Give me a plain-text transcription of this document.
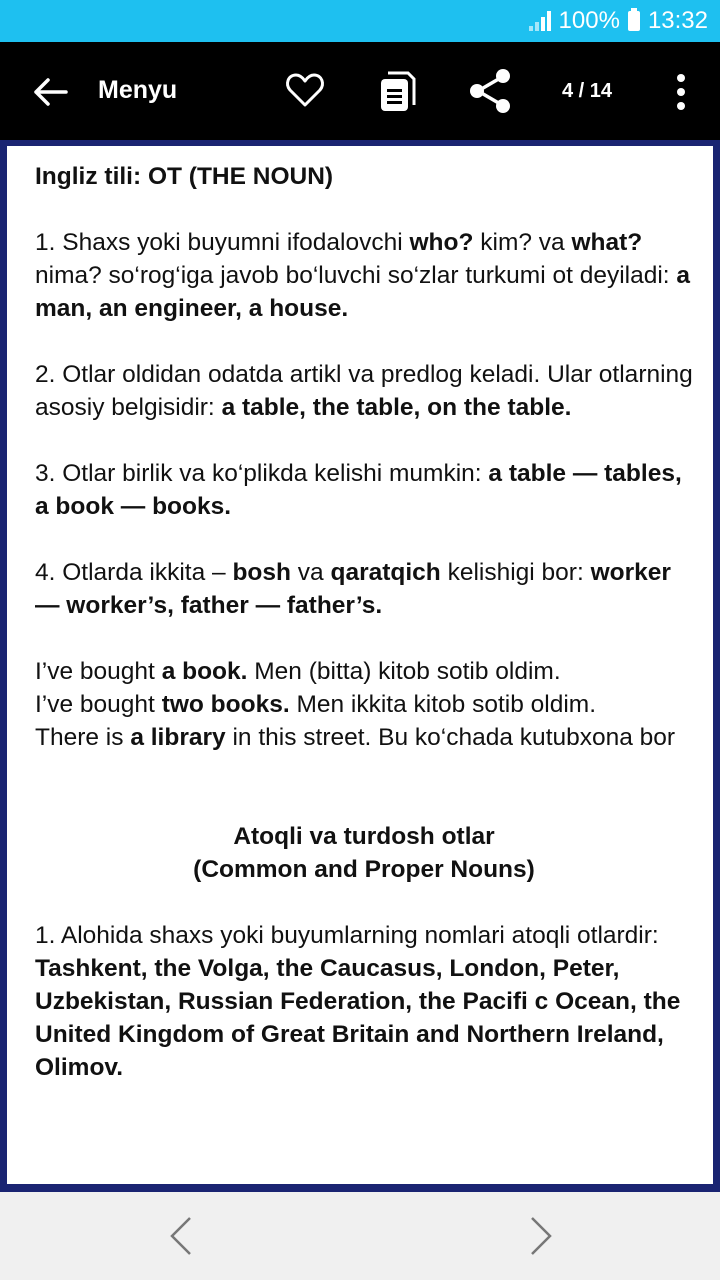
100% 13:32
Menyu	4 / 14

Ingliz tili: OT (THE NOUN)

1. Shaxs yoki buyumni ifodalovchi who? kim? va what? nima? so‘rog‘iga javob bo‘luvchi so‘zlar turkumi ot deyiladi: a man, an engineer, a house.

2. Otlar oldidan odatda artikl va predlog keladi. Ular otlarning asosiy belgisidir: a table, the table, on the table.

3. Otlar birlik va ko‘plikda kelishi mumkin: a table — tables, a book — books.

4. Otlarda ikkita – bosh va qaratqich kelishigi bor: worker — worker’s, father — father’s.

I’ve bought a book. Men (bitta) kitob sotib oldim.
I’ve bought two books. Men ikkita kitob sotib oldim.
There is a library in this street. Bu ko‘chada kutubxona bor

Atoqli va turdosh otlar
(Common and Proper Nouns)

1. Alohida shaxs yoki buyumlarning nomlari atoqli otlardir: Tashkent, the Volga, the Caucasus, London, Peter, Uzbekistan, Russian Federation, the Pacifi c Ocean, the United Kingdom of Great Britain and Northern Ireland, Olimov.
